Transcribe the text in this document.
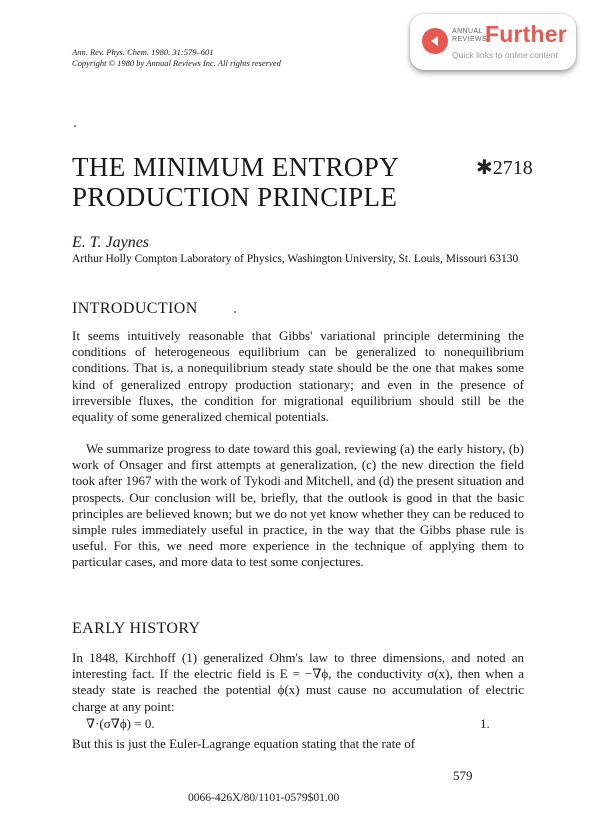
Ann. Rev. Phys. Chem. 1980. 31:579–601
Copyright © 1980 by Annual Reviews Inc. All rights reserved
ANNUAL
REVIEWS
Further
Quick links to online content
THE MINIMUM ENTROPY
PRODUCTION PRINCIPLE
✱2718
E. T. Jaynes
Arthur Holly Compton Laboratory of Physics, Washington University, St. Louis, Missouri 63130
INTRODUCTION

It seems intuitively reasonable that Gibbs' variational principle determining the conditions of heterogeneous equilibrium can be generalized to nonequilibrium conditions. That is, a nonequilibrium steady state should be the one that makes some kind of generalized entropy production stationary; and even in the presence of irreversible fluxes, the condition for migrational equilibrium should still be the equality of some generalized chemical potentials.

We summarize progress to date toward this goal, reviewing (a) the early history, (b) work of Onsager and first attempts at generalization, (c) the new direction the field took after 1967 with the work of Tykodi and Mitchell, and (d) the present situation and prospects. Our conclusion will be, briefly, that the outlook is good in that the basic principles are believed known; but we do not yet know whether they can be reduced to simple rules immediately useful in practice, in the way that the Gibbs phase rule is useful. For this, we need more experience in the technique of applying them to particular cases, and more data to test some conjectures.

EARLY HISTORY

In 1848, Kirchhoff (1) generalized Ohm's law to three dimensions, and noted an interesting fact. If the electric field is E = −∇ϕ, the conductivity σ(x), then when a steady state is reached the potential ϕ(x) must cause no accumulation of electric charge at any point:

∇·(σ∇ϕ) = 0.	1.

But this is just the Euler-Lagrange equation stating that the rate of

579
0066-426X/80/1101-0579$01.00
